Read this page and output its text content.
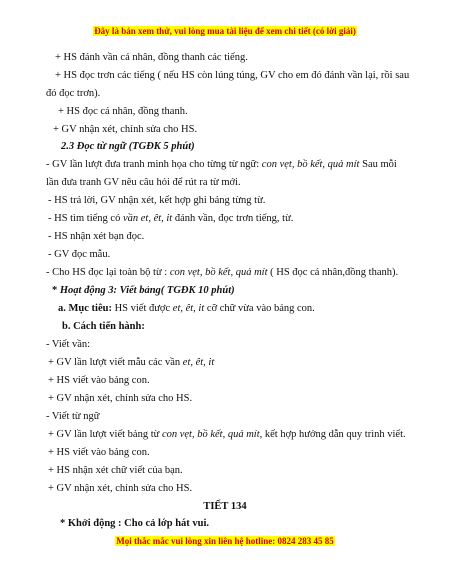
Đây là bản xem thử, vui lòng mua tài liệu để xem chi tiết (có lời giải)
+ HS đánh vần cá nhân, đồng thanh các tiếng.
+ HS đọc trơn các tiếng ( nếu HS còn lúng túng, GV cho em đó đánh vần lại, rồi sau
đó đọc trơn).
+ HS đọc cá nhân, đồng thanh.
+ GV nhận xét, chỉnh sửa cho HS.
2.3 Đọc từ ngữ (TGĐK 5 phút)
- GV lần lượt đưa tranh minh họa cho từng từ ngữ: con vẹt, bồ kết, quả mít Sau mỗi
lần đưa tranh GV nêu câu hỏi để rút ra từ mới.
- HS trả lời, GV nhận xét, kết hợp ghi bảng từng từ.
- HS tìm tiếng có vần et, êt, it đánh vần, đọc trơn tiếng, từ.
- HS nhận xét bạn đọc.
- GV đọc mẫu.
- Cho HS đọc lại toàn bộ từ : con vẹt, bồ kết, quả mít ( HS đọc cá nhân,đồng thanh).
* Hoạt động 3: Viết bảng( TGĐK 10 phút)
a. Mục tiêu: HS viết được et, êt, it cỡ chữ vừa vào bảng con.
b. Cách tiến hành:
- Viết vần:
+ GV lần lượt viết mẫu các vần et, êt, it
+ HS viết vào bảng con.
+ GV nhận xét, chỉnh sửa cho HS.
- Viết từ ngữ
+ GV lần lượt viết bảng từ con vẹt, bồ kết, quả mít, kết hợp hướng dẫn quy trình viết.
+ HS viết vào bảng con.
+ HS nhận xét chữ viết của bạn.
+ GV nhận xét, chỉnh sửa cho HS.
TIẾT 134
* Khởi động : Cho cả lớp hát vui.
Mọi thắc mắc vui lòng xin liên hệ hotline: 0824 283 45 85
